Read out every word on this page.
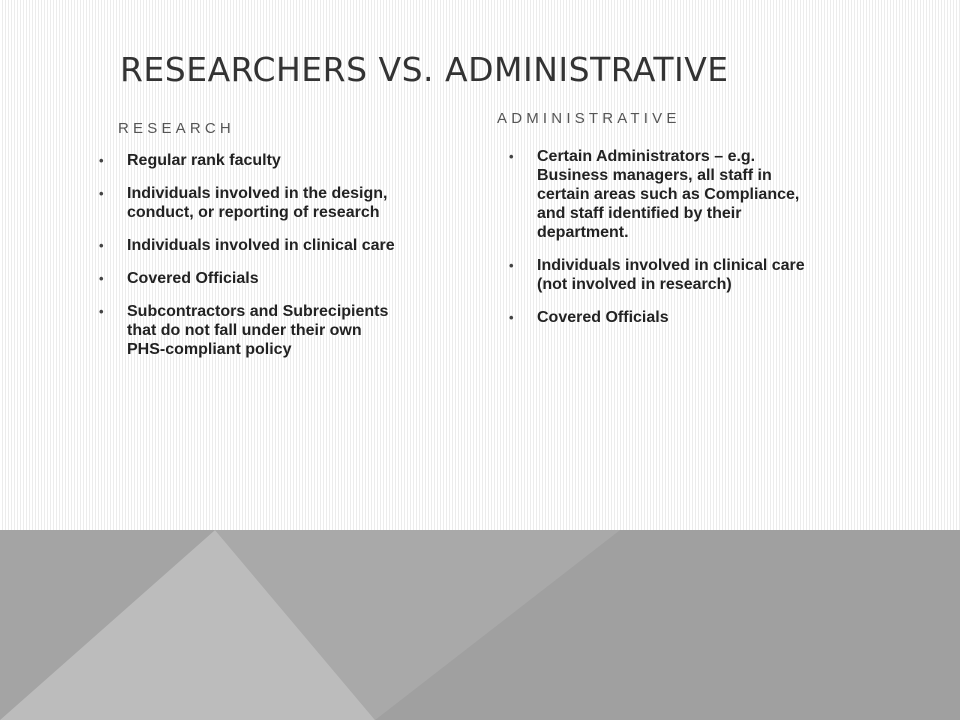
RESEARCHERS VS. ADMINISTRATIVE
RESEARCH
• Regular rank faculty
• Individuals involved in the design, conduct, or reporting of research
• Individuals involved in clinical care
• Covered Officials
• Subcontractors and Subrecipients that do not fall under their own PHS-compliant policy
ADMINISTRATIVE
• Certain Administrators – e.g. Business managers, all staff in certain areas such as Compliance, and staff identified by their department.
• Individuals involved in clinical care (not involved in research)
• Covered Officials
